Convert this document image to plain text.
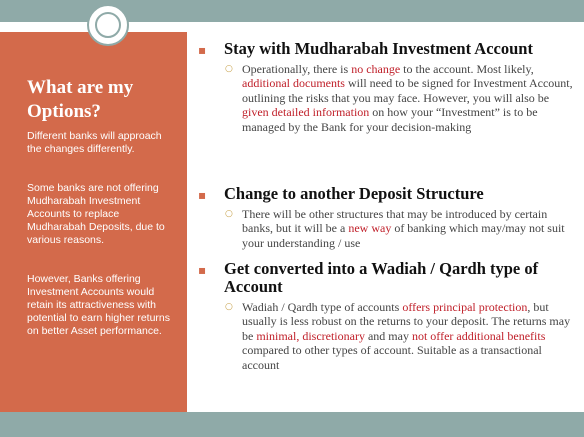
What are my Options?

Different banks will approach the changes differently.

Some banks are not offering Mudharabah Investment Accounts to replace Mudharabah Deposits, due to various reasons.

However, Banks offering Investment Accounts would retain its attractiveness with potential to earn higher returns on better Asset performance.

▪ Stay with Mudharabah Investment Account
○ Operationally, there is no change to the account. Most likely, additional documents will need to be signed for Investment Account, outlining the risks that you may face. However, you will also be given detailed information on how your “Investment” is to be managed by the Bank for your decision-making

▪ Change to another Deposit Structure
○ There will be other structures that may be introduced by certain banks, but it will be a new way of banking which may/may not suit your understanding / use

▪ Get converted into a Wadiah / Qardh type of Account
○ Wadiah / Qardh type of accounts offers principal protection, but usually is less robust on the returns to your deposit. The returns may be minimal, discretionary and may not offer additional benefits compared to other types of account. Suitable as a transactional account
